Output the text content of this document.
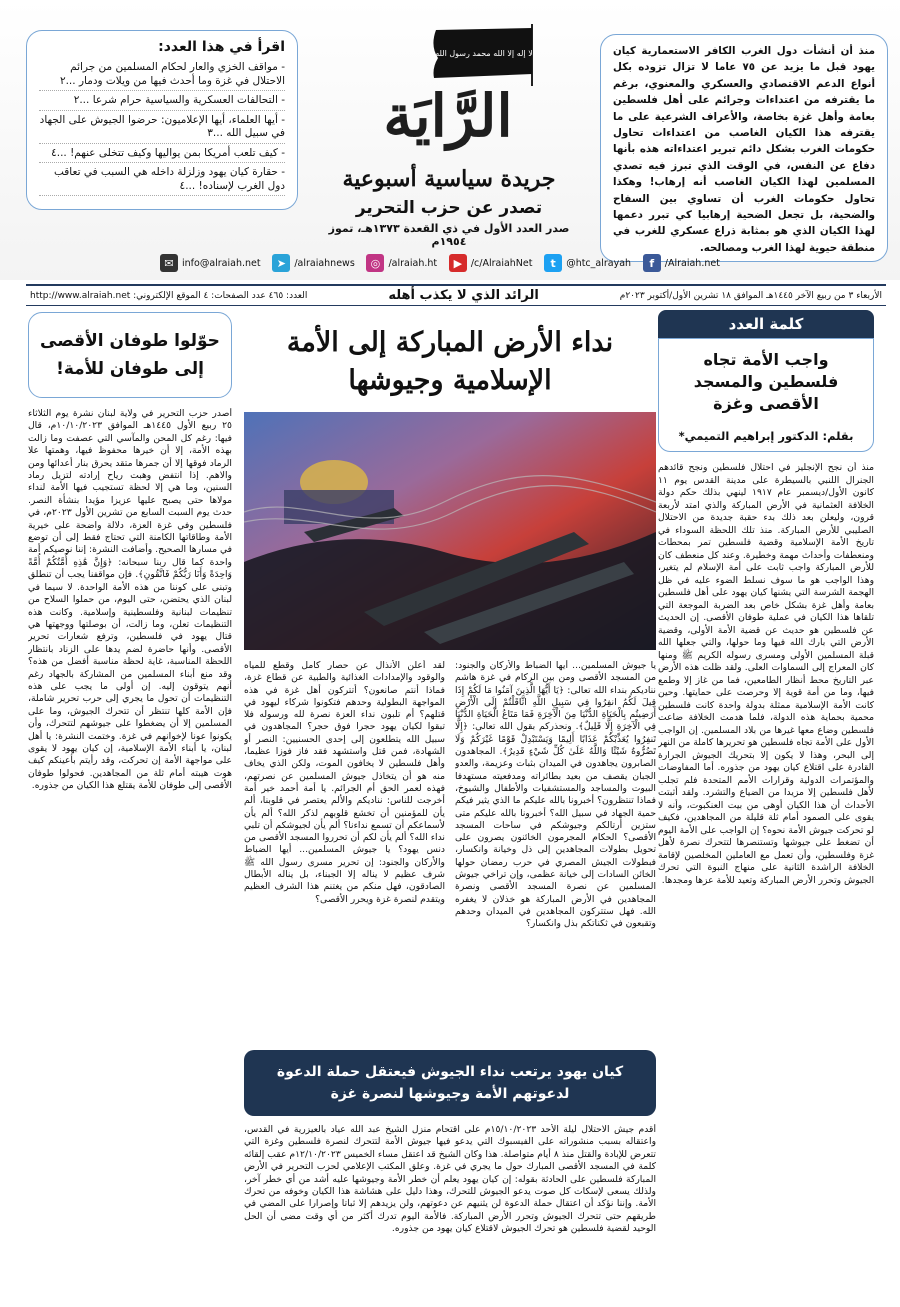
منذ أن أنشأت دول الغرب الكافر الاستعمارية كيان يهود قبل ما يزيد عن ٧٥ عاما لا تزال تزوده بكل أنواع الدعم الاقتصادي والعسكري والمعنوي، برغم ما يقترفه من اعتداءات وجرائم على أهل فلسطين بعامة وأهل غزة بخاصة، والأعراف الشرعية على ما يقترفه هذا الكيان الغاصب من اعتداءات تحاول حكومات الغرب بشكل دائم تبرير اعتداءاته هذه بأنها دفاع عن النفس، في الوقت الذي تبرز فيه تصدي المسلمين لهذا الكيان الغاصب أنه إرهاب! وهكذا تحاول حكومات الغرب أن تساوي بين السفاح والضحية، بل تجعل الضحية إرهابيا كي تبرر دعمها لهذا الكيان الذي هو بمثابة ذراع عسكري للغرب في منطقة حيوية لهذا الغرب ومصالحه.

اقرأ في هذا العدد:
- مواقف الخزي والعار لحكام المسلمين من جرائم الاحتلال في غزة وما أحدث فيها من ويلات ودمار ...٢
- التحالفات العسكرية والسياسية حرام شرعا ...٢
- أيها العلماء، أيها الإعلاميون: حرضوا الجيوش على الجهاد في سبيل الله ...٣
- كيف تلعب أمريكا بمن يواليها وكيف تتخلى عنهم! ...٤
- حقارة كيان يهود وزلزلة داخله هي السبب في تعاقب دول الغرب لإسناده! ...٤
لا إله إلا الله محمد رسول الله
الرَّايَة
جريدة سياسية أسبوعية
تصدر عن حزب التحرير
صدر العدد الأول في ذي القعدة ١٣٧٣هـ، تموز ١٩٥٤م
f	/Alraiah.net
t	@htc_alrayah
▶ /c/AlraiahNet
◎ /alraiah.ht
➤ /alraiahnews
✉ info@alraiah.net
الأربعاء ٣ من ربيع الآخر ١٤٤٥هـ الموافق ١٨ تشرين الأول/أكتوبر ٢٠٢٣م
الرائد الذي لا يكذب أهله
العدد: ٤٦٥ عدد الصفحات: ٤ الموقع الإلكتروني: http://www.alraiah.net
كلمة العدد
واجب الأمة تجاه فلسطين والمسجد الأقصى وغزة
بقلم: الدكتور إبراهيم التميمي*
منذ أن نجح الإنجليز في احتلال فلسطين ونجح قائدهم الجنرال اللنبي بالسيطرة على مدينة القدس يوم ١١ كانون الأول/ديسمبر عام ١٩١٧ لينهي بذلك حكم دولة الخلافة العثمانية في الأرض المباركة والذي امتد لأربعة قرون، وليعلن بعد ذلك بدء حقبة جديدة من الاحتلال الصليبي للأرض المباركة. منذ تلك اللحظة السوداء في تاريخ الأمة الإسلامية وقضية فلسطين تمر بمحطات ومنعطفات وأحداث مهمة وخطيرة. وعند كل منعطف كان للأرض المباركة واجب ثابت على أمة الإسلام لم يتغير، وهذا الواجب هو ما سوف نسلط الضوء عليه في ظل الهجمة الشرسة التي يشنها كيان يهود على أهل فلسطين بعامة وأهل غزة بشكل خاص بعد الضربة الموجعة التي تلقاها هذا الكيان في عملية طوفان الأقصى. إن الحديث عن فلسطين هو حديث عن قضية الأمة الأولى، وقضية الأرض التي بارك الله فيها وما حولها، والتي جعلها الله قبلة المسلمين الأولى ومسرى رسوله الكريم ﷺ ومنها كان المعراج إلى السماوات العلى. ولقد ظلت هذه الأرض عبر التاريخ محط أنظار الطامعين، فما من غاز إلا وطمع فيها، وما من أمة قوية إلا وحرصت على حمايتها. وحين كانت الأمة الإسلامية ممثلة بدولة واحدة كانت فلسطين محمية بحماية هذه الدولة، فلما هدمت الخلافة ضاعت فلسطين وضاع معها غيرها من بلاد المسلمين. إن الواجب الأول على الأمة تجاه فلسطين هو تحريرها كاملة من النهر إلى البحر، وهذا لا يكون إلا بتحريك الجيوش الجرارة القادرة على اقتلاع كيان يهود من جذوره. أما المفاوضات والمؤتمرات الدولية وقرارات الأمم المتحدة فلم تجلب لأهل فلسطين إلا مزيدا من الضياع والتشرد. ولقد أثبتت الأحداث أن هذا الكيان أوهى من بيت العنكبوت، وأنه لا يقوى على الصمود أمام ثلة قليلة من المجاهدين، فكيف لو تحركت جيوش الأمة نحوه؟ إن الواجب على الأمة اليوم أن تضغط على جيوشها وتستنصرها لتتحرك نصرة لأهل غزة وفلسطين، وأن تعمل مع العاملين المخلصين لإقامة الخلافة الراشدة الثانية على منهاج النبوة التي تحرك الجيوش وتحرر الأرض المباركة وتعيد للأمة عزها ومجدها.
حوّلوا طوفان الأقصى إلى طوفان للأمة!
أصدر حزب التحرير في ولاية لبنان نشرة يوم الثلاثاء ٢٥ ربيع الأول ١٤٤٥هـ الموافق ١٠/١٠/٢٠٢٣م، قال فيها: رغم كل المحن والمآسي التي عصفت وما زالت بهذه الأمة، إلا أن خيرها محفوظ فيها، وهمتها علا الرماد فوقها إلا أن جمرها متقد يحرق بنار أعدائها ومن والاهم. إذا انتفض وهبت رياح إرادته لتزيل رماد السنين، وما هي إلا لحظة تستجيب فيها الأمة لنداء مولاها حتى يصبح عليها عزيزا مؤيدا بنشأة النصر. حدث يوم السبت السابع من تشرين الأول ٢٠٢٣م، في فلسطين وفي غزة العزة، دلالة واضحة على خيرية الأمة وطاقاتها الكامنة التي تحتاج فقط إلى أن توضع في مسارها الصحيح. وأضافت النشرة: إننا نوصيكم أمة واحدة كما قال ربنا سبحانه: ﴿وَإِنَّ هَٰذِهِ أُمَّتُكُمْ أُمَّةً وَاحِدَةً وَأَنَا رَبُّكُمْ فَاتَّقُونِ﴾. فإن مواقفنا يجب أن تنطلق وتبنى على كوننا من هذه الأمة الواحدة. لا سيما في لبنان الذي يحتضن، حتى اليوم، من حملوا السلاح من تنظيمات لبنانية وفلسطينية وإسلامية. وكانت هذه التنظيمات تعلن، وما زالت، أن بوصلتها ووجهتها هي قتال يهود في فلسطين، وترفع شعارات تحرير الأقصى. وأنها حاضرة لضم يدها على الزناد بانتظار اللحظة المناسبة، غاية لحظة مناسبة أفضل من هذه؟ وقد منع أبناء المسلمين من المشاركة بالجهاد رغم أنهم يتوقون إليه. إن أولى ما يجب على هذه التنظيمات أن تحول ما يجري إلى حرب تحرير شاملة، فإن الأمة كلها تنتظر أن تتحرك الجيوش، وما على المسلمين إلا أن يضغطوا على جيوشهم لتتحرك، وأن يكونوا عونا لإخوانهم في غزة. وختمت النشرة: يا أهل لبنان، يا أبناء الأمة الإسلامية، إن كيان يهود لا يقوى على مواجهة الأمة إن تحركت، وقد رأيتم بأعينكم كيف هوت هيبته أمام ثلة من المجاهدين. فحولوا طوفان الأقصى إلى طوفان للأمة يقتلع هذا الكيان من جذوره.
نداء الأرض المباركة إلى الأمة الإسلامية وجيوشها
يا جيوش المسلمين... أيها الضباط والأركان والجنود: من المسجد الأقصى ومن بين الركام في غزة هاشم نناديكم بنداء الله تعالى: ﴿يَا أَيُّهَا الَّذِينَ آمَنُوا مَا لَكُمْ إِذَا قِيلَ لَكُمُ انفِرُوا فِي سَبِيلِ اللَّهِ اثَّاقَلْتُمْ إِلَى الْأَرْضِ أَرَضِيتُم بِالْحَيَاةِ الدُّنْيَا مِنَ الْآخِرَةِ فَمَا مَتَاعُ الْحَيَاةِ الدُّنْيَا فِي الْآخِرَةِ إِلَّا قَلِيلٌ﴾. ونحذركم بقول الله تعالى: ﴿إِلَّا تَنفِرُوا يُعَذِّبْكُمْ عَذَابًا أَلِيمًا وَيَسْتَبْدِلْ قَوْمًا غَيْرَكُمْ وَلَا تَضُرُّوهُ شَيْئًا وَاللَّهُ عَلَىٰ كُلِّ شَيْءٍ قَدِيرٌ﴾. المجاهدون الصابرون يجاهدون في الميدان بثبات وعزيمة، والعدو الجبان يقصف من بعيد بطائراته ومدفعيته مستهدفا البيوت والمساجد والمستشفيات والأطفال والشيوخ، فماذا تنتظرون؟ أخبرونا بالله عليكم ما الذي يثير فيكم حمية الجهاد في سبيل الله؟ أخبرونا بالله عليكم متى ستزين أرتالكم وجيوشكم في ساحات المسجد الأقصى؟ الحكام المجرمون الخائنون يصرون على تحويل بطولات المجاهدين إلى ذل وخيانة وانكسار، فبطولات الجيش المصري في حرب رمضان حولها الخائن السادات إلى خيانة عظمى، وإن تراخي جيوش المسلمين عن نصرة المسجد الأقصى ونصرة المجاهدين في الأرض المباركة هو خذلان لا يغفره الله. فهل ستتركون المجاهدين في الميدان وحدهم وتقبعون في ثكناتكم بذل وانكسار؟
لقد أعلن الأنذال عن حصار كامل وقطع للمياه والوقود والإمدادات الغذائية والطبية عن قطاع غزة، فماذا أنتم صانعون؟ أتتركون أهل غزة في هذه المواجهة البطولية وحدهم فتكونوا شركاء ليهود في قتلهم؟ أم تلبون نداء العزة نصرة لله ورسوله فلا تبقوا لكيان يهود حجرا فوق حجر؟ المجاهدون في سبيل الله يتطلعون إلى إحدى الحسنيين: النصر أو الشهادة، فمن قتل واستشهد فقد فاز فوزا عظيما، وأهل فلسطين لا يخافون الموت، ولكن الذي يخاف منه هو أن يتخاذل جيوش المسلمين عن نصرتهم، فهذه لعمر الحق أم الجرائم. يا أمة أحمد خير أمة أخرجت للناس: نناديكم والألم يعتصر في قلوبنا، ألم يأن للمؤمنين أن تخشع قلوبهم لذكر الله؟ ألم يأن لأسماعكم أن تسمع نداءنا؟ ألم يأن لجيوشكم أن تلبي نداء الله؟ ألم يأن لكم أن تحرروا المسجد الأقصى من دنس يهود؟ يا جيوش المسلمين... أيها الضباط والأركان والجنود: إن تحرير مسرى رسول الله ﷺ شرف عظيم لا يناله إلا الجبناء، بل يناله الأبطال الصادقون، فهل منكم من يغتنم هذا الشرف العظيم ويتقدم لنصرة غزة ويحرر الأقصى؟
كيان يهود يرتعب نداء الجيوش فيعتقل حملة الدعوة
لدعوتهم الأمة وجيوشها لنصرة غزة
أقدم جيش الاحتلال ليلة الأحد ١٥/١٠/٢٠٢٣م على اقتحام منزل الشيخ عبد الله عياد بالعيزرية في القدس، واعتقاله بسبب منشوراته على الفيسبوك التي يدعو فيها جيوش الأمة لتتحرك لنصرة فلسطين وغزة التي تتعرض للإبادة والقتل منذ ٨ أيام متواصلة. هذا وكان الشيخ قد اعتقل مساء الخميس ١٢/١٠/٢٠٢٣م عقب إلقائه كلمة في المسجد الأقصى المبارك حول ما يجري في غزة. وعلق المكتب الإعلامي لحزب التحرير في الأرض المباركة فلسطين على الحادثة بقوله: إن كيان يهود يعلم أن خطر الأمة وجيوشها عليه أشد من أي خطر آخر، ولذلك يسعى لإسكات كل صوت يدعو الجيوش للتحرك، وهذا دليل على هشاشة هذا الكيان وخوفه من تحرك الأمة. وإننا نؤكد أن اعتقال حملة الدعوة لن يثنيهم عن دعوتهم، ولن يزيدهم إلا ثباتا وإصرارا على المضي في طريقهم حتى تتحرك الجيوش وتحرر الأرض المباركة. فالأمة اليوم تدرك أكثر من أي وقت مضى أن الحل الوحيد لقضية فلسطين هو تحرك الجيوش لاقتلاع كيان يهود من جذوره.
